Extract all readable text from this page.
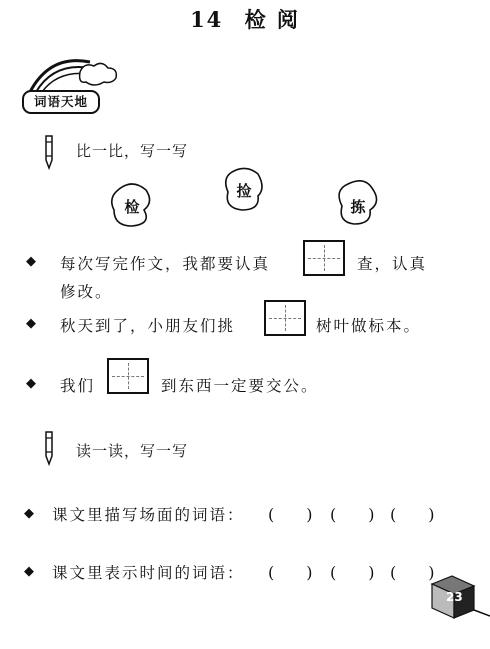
14 检 阅
词语天地
比一比，写一写
检
捡
拣
◆ 每次写完作文，我都要认真	查，认真
修改。
◆ 秋天到了，小朋友们挑	树叶做标本。
◆ 我们	到东西一定要交公。
读一读，写一写
◆ 课文里描写场面的词语： (　　) (　　) (　　)
◆ 课文里表示时间的词语： (　　) (　　) (　　)
23
